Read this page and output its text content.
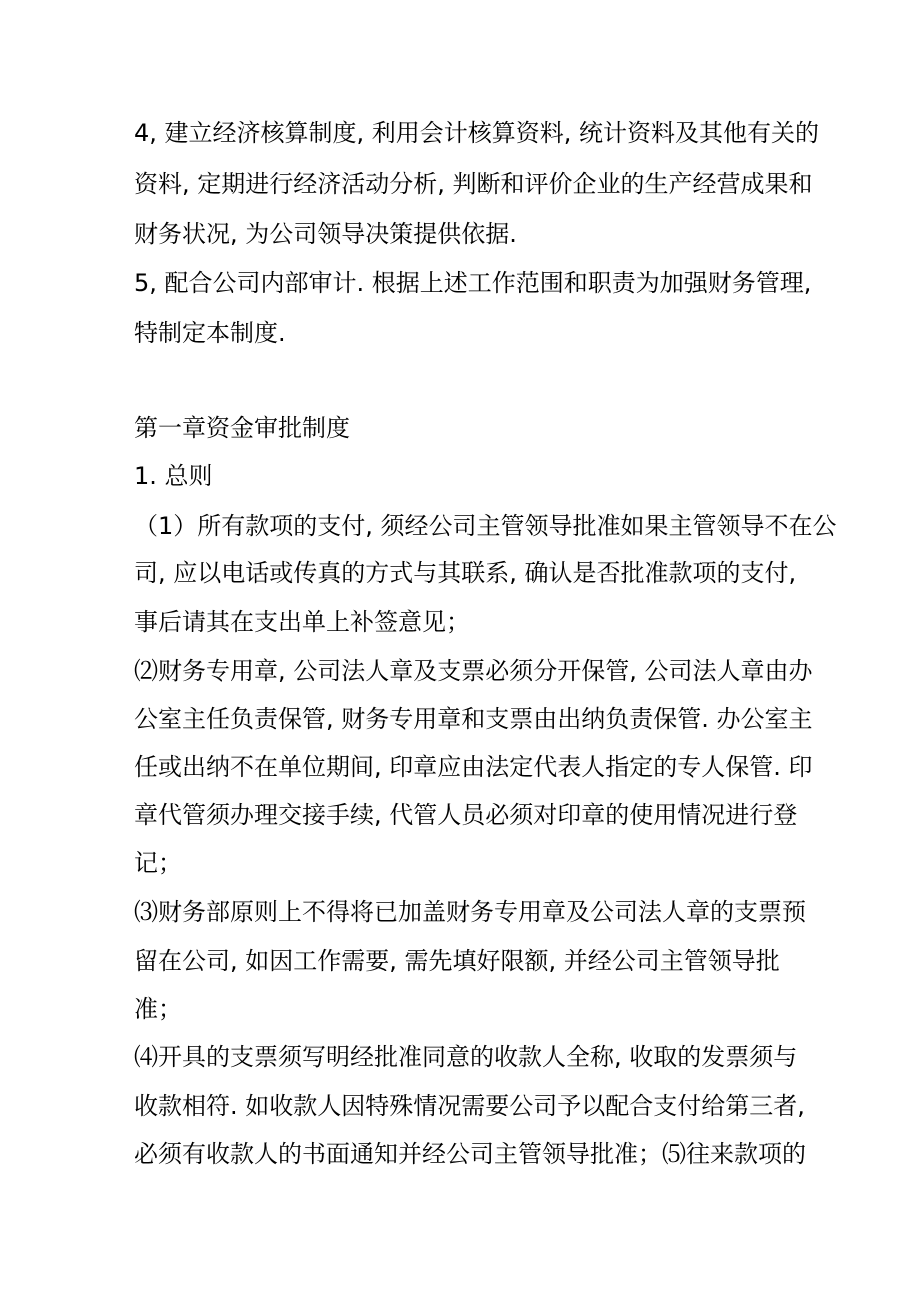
4, 建立经济核算制度, 利用会计核算资料, 统计资料及其他有关的
资料, 定期进行经济活动分析, 判断和评价企业的生产经营成果和
财务状况, 为公司领导决策提供依据.
5, 配合公司内部审计. 根据上述工作范围和职责为加强财务管理,
特制定本制度.
第一章资金审批制度
1. 总则
（1）所有款项的支付, 须经公司主管领导批准如果主管领导不在公
司, 应以电话或传真的方式与其联系, 确认是否批准款项的支付,
事后请其在支出单上补签意见；
⑵财务专用章, 公司法人章及支票必须分开保管, 公司法人章由办
公室主任负责保管, 财务专用章和支票由出纳负责保管. 办公室主
任或出纳不在单位期间, 印章应由法定代表人指定的专人保管. 印
章代管须办理交接手续, 代管人员必须对印章的使用情况进行登
记；
⑶财务部原则上不得将已加盖财务专用章及公司法人章的支票预
留在公司, 如因工作需要, 需先填好限额, 并经公司主管领导批
准；
⑷开具的支票须写明经批准同意的收款人全称, 收取的发票须与
收款相符. 如收款人因特殊情况需要公司予以配合支付给第三者,
必须有收款人的书面通知并经公司主管领导批准；⑸往来款项的
